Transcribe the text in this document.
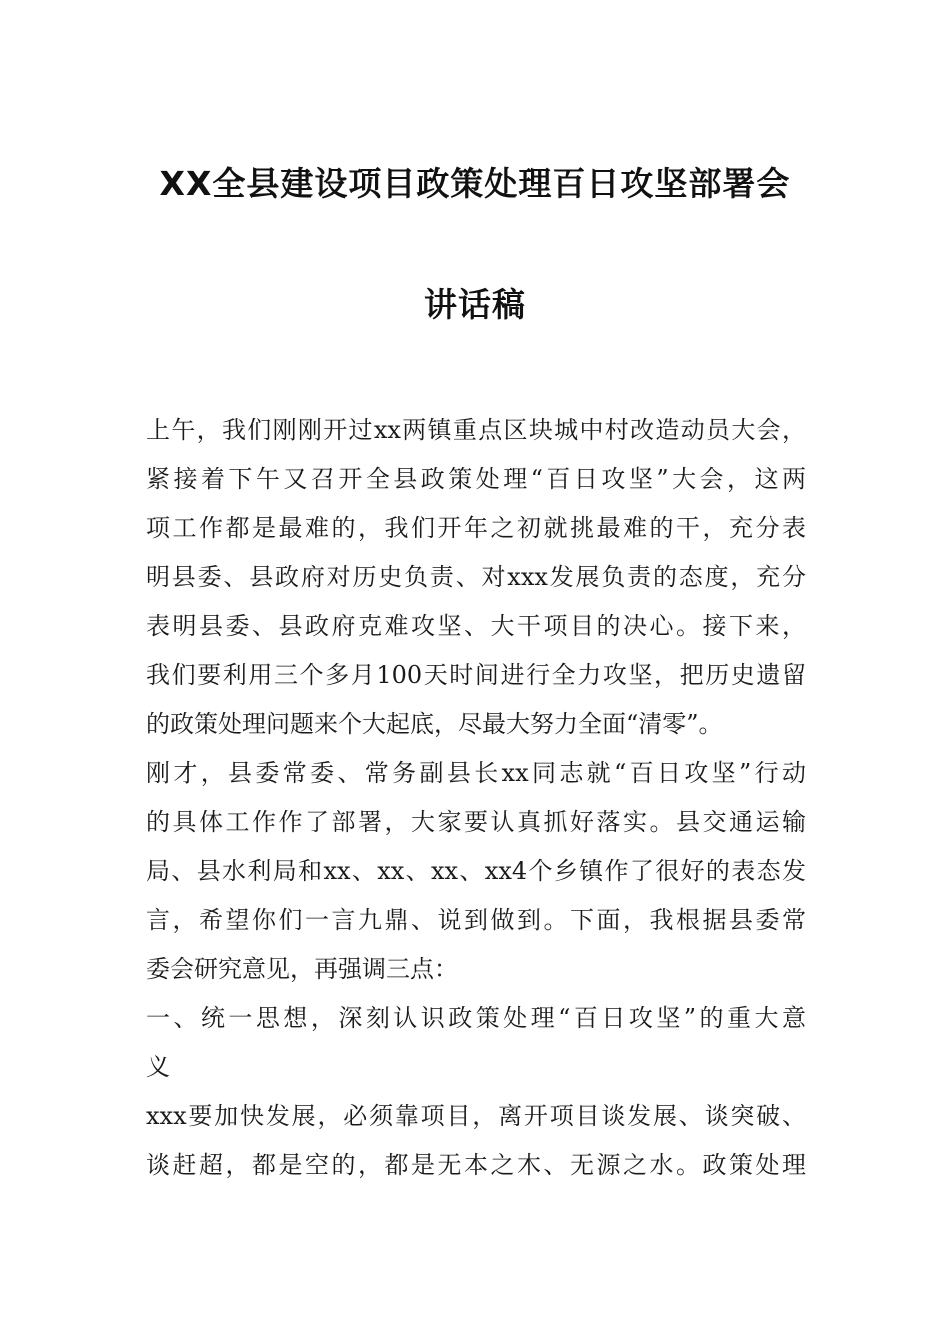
XX全县建设项目政策处理百日攻坚部署会
讲话稿
上午，我们刚刚开过xx两镇重点区块城中村改造动员大会，
紧接着下午又召开全县政策处理“百日攻坚”大会，这两
项工作都是最难的，我们开年之初就挑最难的干，充分表
明县委、县政府对历史负责、对xxx发展负责的态度，充分
表明县委、县政府克难攻坚、大干项目的决心。接下来，
我们要利用三个多月100天时间进行全力攻坚，把历史遗留
的政策处理问题来个大起底，尽最大努力全面“清零”。
刚才，县委常委、常务副县长xx同志就“百日攻坚”行动
的具体工作作了部署，大家要认真抓好落实。县交通运输
局、县水利局和xx、xx、xx、xx4个乡镇作了很好的表态发
言，希望你们一言九鼎、说到做到。下面，我根据县委常
委会研究意见，再强调三点：
一、统一思想，深刻认识政策处理“百日攻坚”的重大意
义
xxx要加快发展，必须靠项目，离开项目谈发展、谈突破、
谈赶超，都是空的，都是无本之木、无源之水。政策处理
